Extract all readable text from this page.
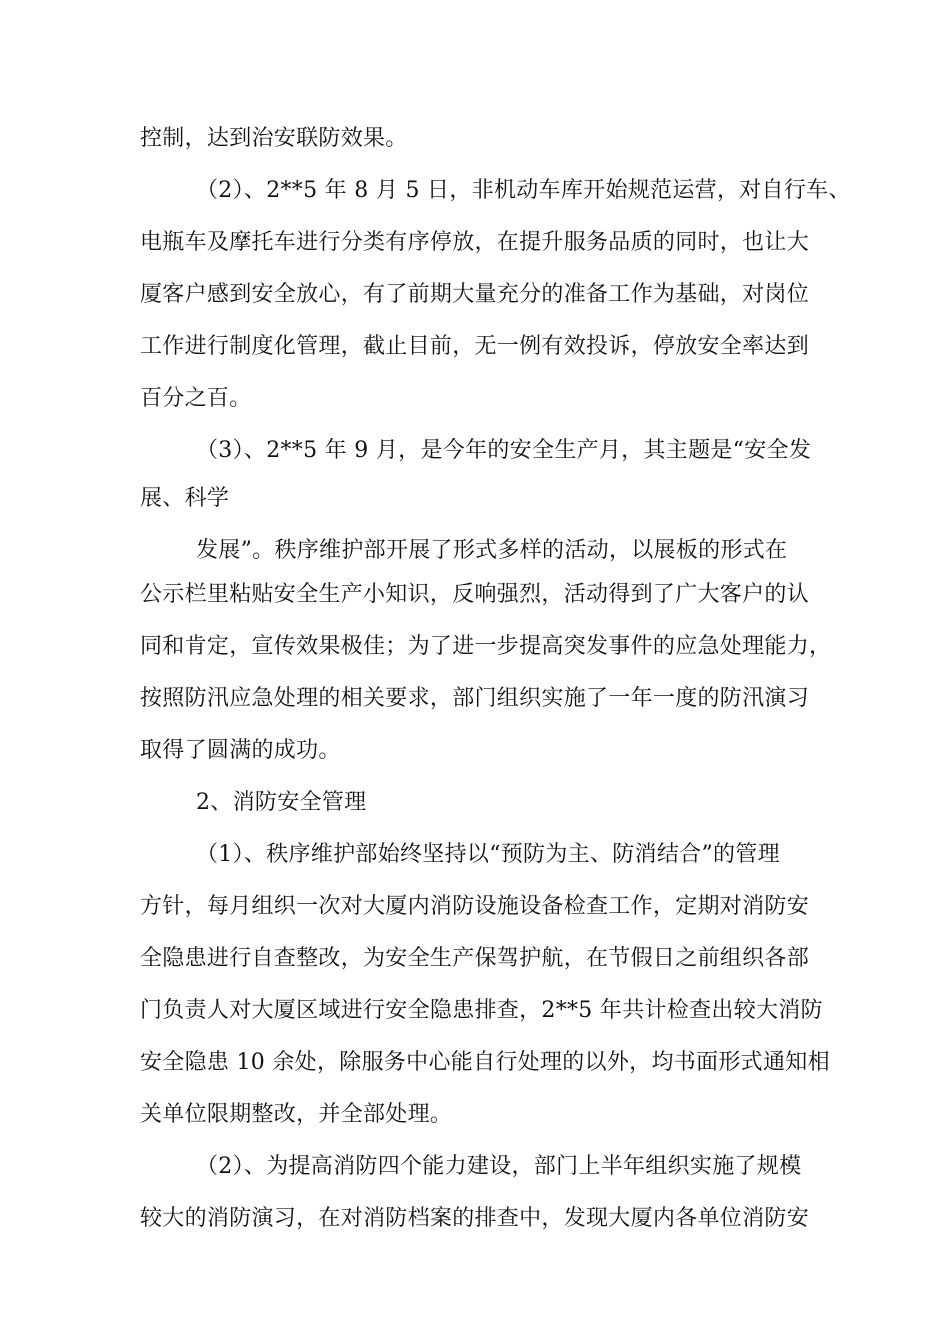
控制，达到治安联防效果。

（2）、2**5 年 8 月 5 日，非机动车库开始规范运营，对自行车、

电瓶车及摩托车进行分类有序停放，在提升服务品质的同时，也让大

厦客户感到安全放心，有了前期大量充分的准备工作为基础，对岗位

工作进行制度化管理，截止目前，无一例有效投诉，停放安全率达到

百分之百。

（3）、2**5 年 9 月，是今年的安全生产月，其主题是“安全发

展、科学

发展”。秩序维护部开展了形式多样的活动，以展板的形式在

公示栏里粘贴安全生产小知识，反响强烈，活动得到了广大客户的认

同和肯定，宣传效果极佳；为了进一步提高突发事件的应急处理能力，

按照防汛应急处理的相关要求，部门组织实施了一年一度的防汛演习

取得了圆满的成功。

2、消防安全管理

（1）、秩序维护部始终坚持以“预防为主、防消结合”的管理

方针，每月组织一次对大厦内消防设施设备检查工作，定期对消防安

全隐患进行自查整改，为安全生产保驾护航，在节假日之前组织各部

门负责人对大厦区域进行安全隐患排查，2**5 年共计检查出较大消防

安全隐患 10 余处，除服务中心能自行处理的以外，均书面形式通知相

关单位限期整改，并全部处理。

（2）、为提高消防四个能力建设，部门上半年组织实施了规模

较大的消防演习，在对消防档案的排查中，发现大厦内各单位消防安
